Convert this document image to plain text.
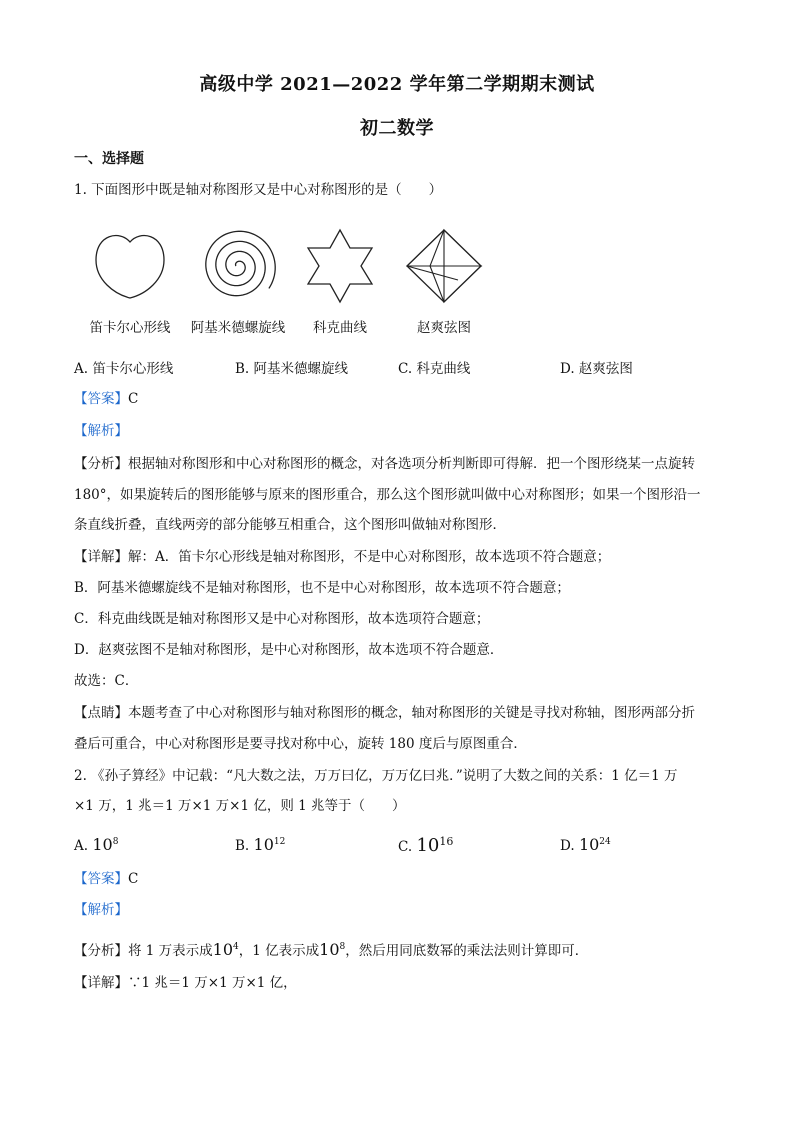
高级中学 2021—2022 学年第二学期期末测试
初二数学
一、选择题
1. 下面图形中既是轴对称图形又是中心对称图形的是（　　）
笛卡尔心形线	阿基米德螺旋线	科克曲线	赵爽弦图
A. 笛卡尔心形线	B. 阿基米德螺旋线	C. 科克曲线	D. 赵爽弦图
【答案】C
【解析】
【分析】根据轴对称图形和中心对称图形的概念，对各选项分析判断即可得解．把一个图形绕某一点旋转
180°，如果旋转后的图形能够与原来的图形重合，那么这个图形就叫做中心对称图形；如果一个图形沿一
条直线折叠，直线两旁的部分能够互相重合，这个图形叫做轴对称图形．
【详解】解：A．笛卡尔心形线是轴对称图形，不是中心对称图形，故本选项不符合题意；
B．阿基米德螺旋线不是轴对称图形，也不是中心对称图形，故本选项不符合题意；
C．科克曲线既是轴对称图形又是中心对称图形，故本选项符合题意；
D．赵爽弦图不是轴对称图形，是中心对称图形，故本选项不符合题意．
故选：C．
【点睛】本题考查了中心对称图形与轴对称图形的概念，轴对称图形的关键是寻找对称轴，图形两部分折
叠后可重合，中心对称图形是要寻找对称中心，旋转 180 度后与原图重合．
2. 《孙子算经》中记载：“凡大数之法，万万曰亿，万万亿曰兆．”说明了大数之间的关系：1 亿＝1 万
×1 万，1 兆＝1 万×1 万×1 亿，则 1 兆等于（　　）
A. $10^8$	B. $10^{12}$	C. $10^{16}$	D. $10^{24}$
【答案】C
【解析】
【分析】将 1 万表示成$10^4$，1 亿表示成$10^8$，然后用同底数幂的乘法法则计算即可．
【详解】∵1 兆＝1 万×1 万×1 亿，
